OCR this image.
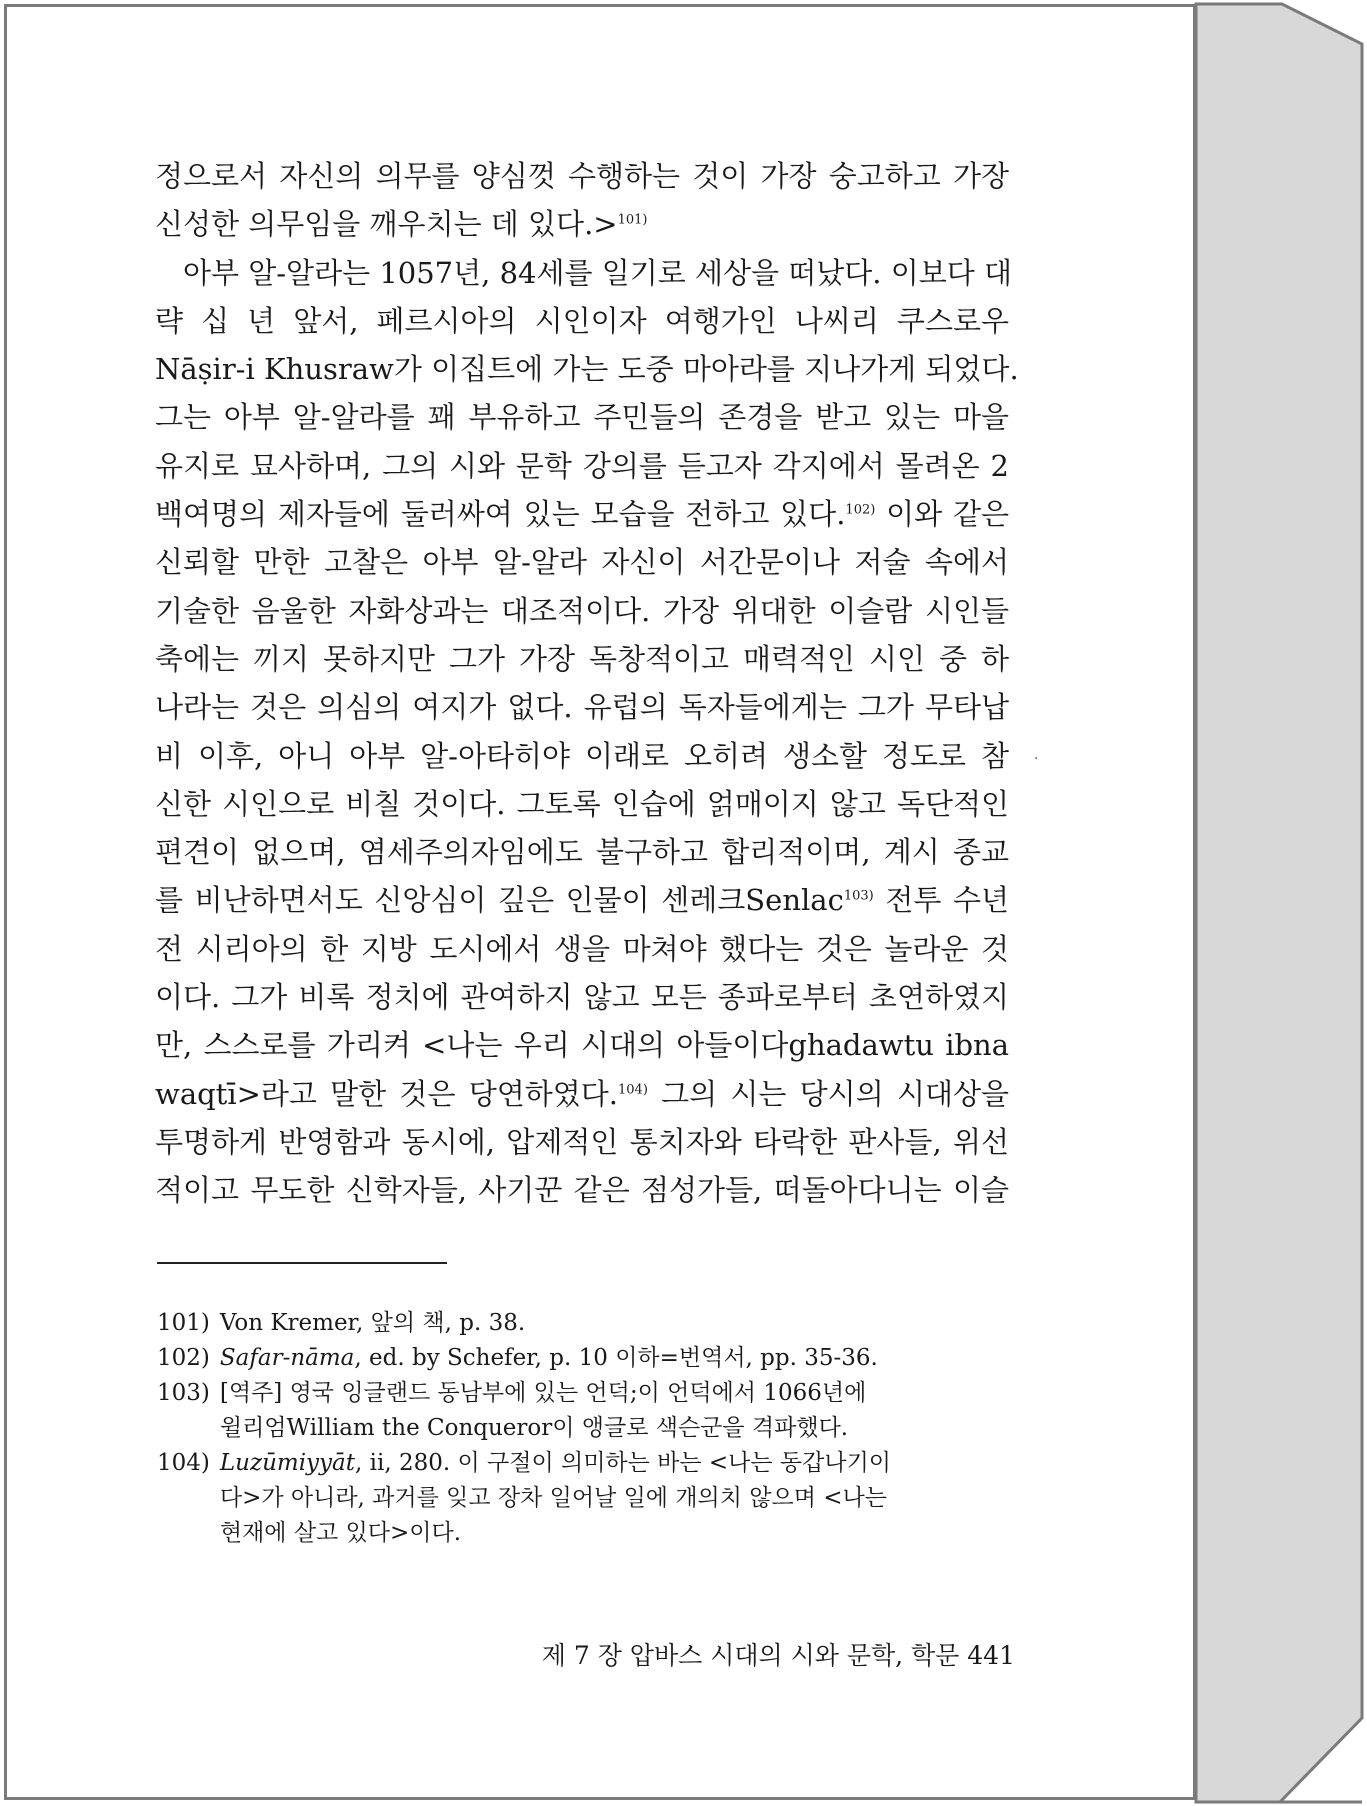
정으로서 자신의 의무를 양심껏 수행하는 것이 가장 숭고하고 가장
신성한 의무임을 깨우치는 데 있다.>$^{101)}$
아부 알-알라는 1057년, 84세를 일기로 세상을 떠났다. 이보다 대
략 십 년 앞서, 페르시아의 시인이자 여행가인 나씨리 쿠스로우
Nāṣir-i Khusraw가 이집트에 가는 도중 마아라를 지나가게 되었다.
그는 아부 알-알라를 꽤 부유하고 주민들의 존경을 받고 있는 마을
유지로 묘사하며, 그의 시와 문학 강의를 듣고자 각지에서 몰려온 2
백여명의 제자들에 둘러싸여 있는 모습을 전하고 있다.$^{102)}$ 이와 같은
신뢰할 만한 고찰은 아부 알-알라 자신이 서간문이나 저술 속에서
기술한 음울한 자화상과는 대조적이다. 가장 위대한 이슬람 시인들
축에는 끼지 못하지만 그가 가장 독창적이고 매력적인 시인 중 하
나라는 것은 의심의 여지가 없다. 유럽의 독자들에게는 그가 무타납
비 이후, 아니 아부 알-아타히야 이래로 오히려 생소할 정도로 참
신한 시인으로 비칠 것이다. 그토록 인습에 얽매이지 않고 독단적인
편견이 없으며, 염세주의자임에도 불구하고 합리적이며, 계시 종교
를 비난하면서도 신앙심이 깊은 인물이 센레크Senlac$^{103)}$ 전투 수년
전 시리아의 한 지방 도시에서 생을 마쳐야 했다는 것은 놀라운 것
이다. 그가 비록 정치에 관여하지 않고 모든 종파로부터 초연하였지
만, 스스로를 가리켜 <나는 우리 시대의 아들이다ghadawtu ibna
waqtī>라고 말한 것은 당연하였다.$^{104)}$ 그의 시는 당시의 시대상을
투명하게 반영함과 동시에, 압제적인 통치자와 타락한 판사들, 위선
적이고 무도한 신학자들, 사기꾼 같은 점성가들, 떠돌아다니는 이슬
101) Von Kremer, 앞의 책, p. 38.
102) Safar-nāma, ed. by Schefer, p. 10 이하=번역서, pp. 35-36.
103) [역주] 영국 잉글랜드 동남부에 있는 언덕;이 언덕에서 1066년에
윌리엄William the Conqueror이 앵글로 색슨군을 격파했다.
104) Luzūmiyyāt, ii, 280. 이 구절이 의미하는 바는 <나는 동갑나기이
다>가 아니라, 과거를 잊고 장차 일어날 일에 개의치 않으며 <나는
현재에 살고 있다>이다.
제 7 장 압바스 시대의 시와 문학, 학문 441
